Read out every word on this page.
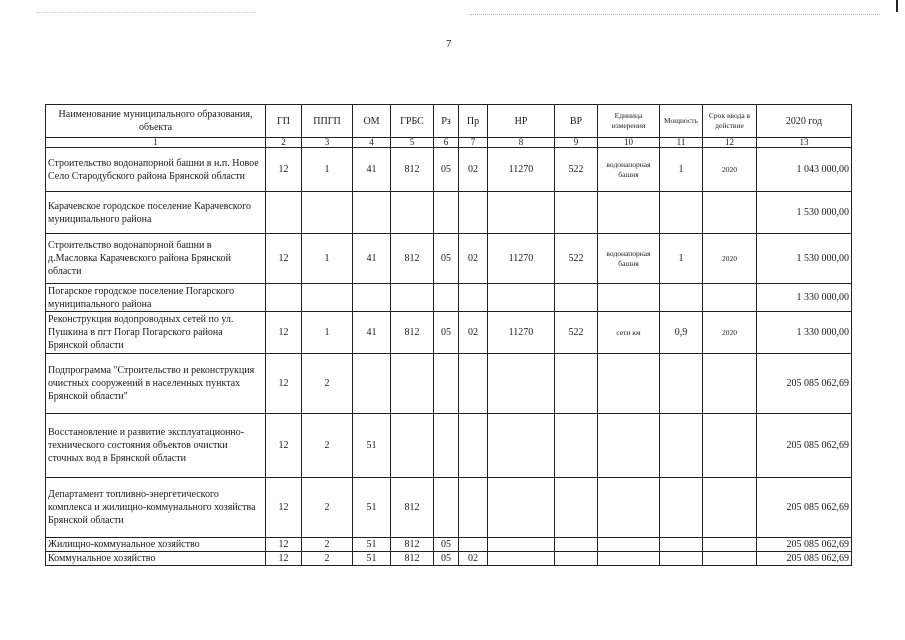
7
Наименование муниципального образования, объекта	ГП	ППГП	ОМ	ГРБС	Рз	Пр	НР	ВР	Единица измерения	Мощность	Срок ввода в действие	2020 год
1	2	3	4	5	6	7	8	9	10	11	12	13
Строительство водонапорной башни в н.п. Новое Село Стародубского района Брянской области	12	1	41	812	05	02	11270	522	водонапорная башня	1	2020	1 043 000,00
Карачевское городское поселение Карачевского муниципального района												1 530 000,00
Строительство водонапорной башни в д.Масловка Карачевского района Брянской области	12	1	41	812	05	02	11270	522	водонапорная башня	1	2020	1 530 000,00
Погарское городское поселение Погарского муниципального района												1 330 000,00
Реконструкция водопроводных сетей по ул. Пушкина в пгт Погар Погарского района Брянской области	12	1	41	812	05	02	11270	522	сети км	0,9	2020	1 330 000,00
Подпрограмма "Строительство и реконструкция очистных сооружений в населенных пунктах Брянской области"	12	2										205 085 062,69
Восстановление и развитие эксплуатационно-технического состояния объектов очистки сточных вод в Брянской области	12	2	51									205 085 062,69
Департамент топливно-энергетического комплекса и жилищно-коммунального хозяйства Брянской области	12	2	51	812								205 085 062,69
Жилищно-коммунальное хозяйство	12	2	51	812	05							205 085 062,69
Коммунальное хозяйство	12	2	51	812	05	02						205 085 062,69
